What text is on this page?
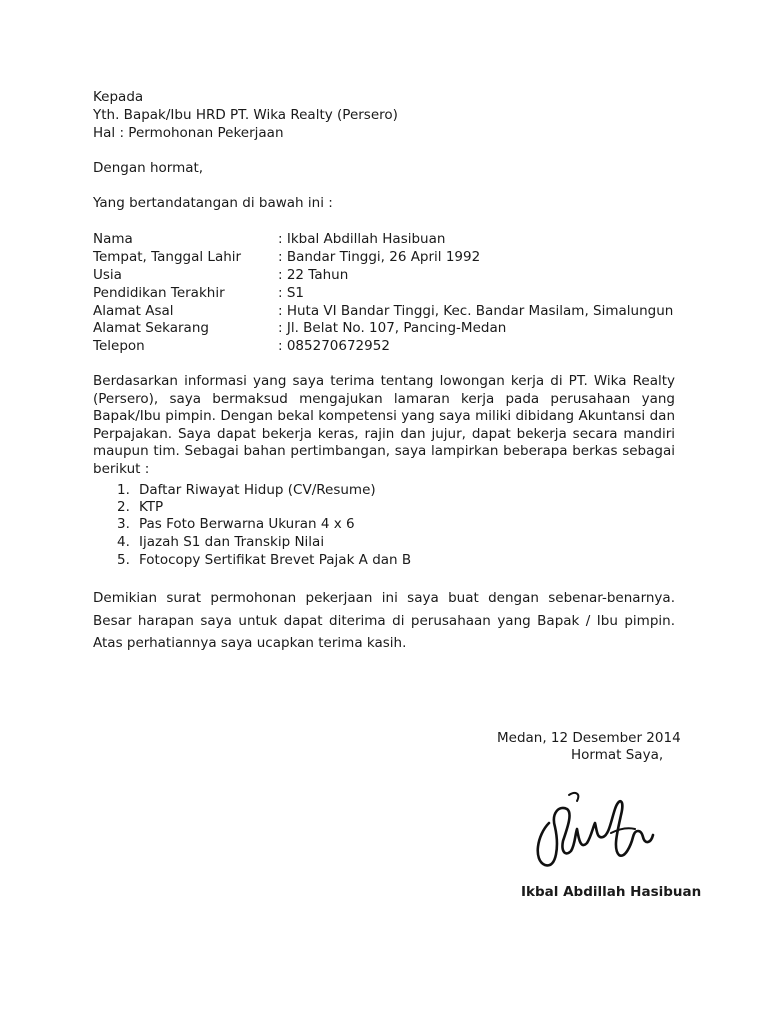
Kepada
Yth. Bapak/Ibu HRD PT. Wika Realty (Persero)
Hal : Permohonan Pekerjaan
Dengan hormat,
Yang bertandatangan di bawah ini :
Nama	: Ikbal Abdillah Hasibuan
Tempat, Tanggal Lahir	: Bandar Tinggi, 26 April 1992
Usia	: 22 Tahun
Pendidikan Terakhir	: S1
Alamat Asal	: Huta VI Bandar Tinggi, Kec. Bandar Masilam, Simalungun
Alamat Sekarang	: Jl. Belat No. 107, Pancing-Medan
Telepon	: 085270672952

Berdasarkan informasi yang saya terima tentang lowongan kerja di PT. Wika Realty (Persero), saya bermaksud mengajukan lamaran kerja pada perusahaan yang Bapak/Ibu pimpin. Dengan bekal kompetensi yang saya miliki dibidang Akuntansi dan Perpajakan. Saya dapat bekerja keras, rajin dan jujur, dapat bekerja secara mandiri maupun tim. Sebagai bahan pertimbangan, saya lampirkan beberapa berkas sebagai berikut :

1. Daftar Riwayat Hidup (CV/Resume)
2. KTP
3. Pas Foto Berwarna Ukuran 4 x 6
4. Ijazah S1 dan Transkip Nilai
5. Fotocopy Sertifikat Brevet Pajak A dan B

Demikian surat permohonan pekerjaan ini saya buat dengan sebenar-benarnya. Besar harapan saya untuk dapat diterima di perusahaan yang Bapak / Ibu pimpin. Atas perhatiannya saya ucapkan terima kasih.

Medan, 12 Desember 2014
Hormat Saya,
Ikbal Abdillah Hasibuan
